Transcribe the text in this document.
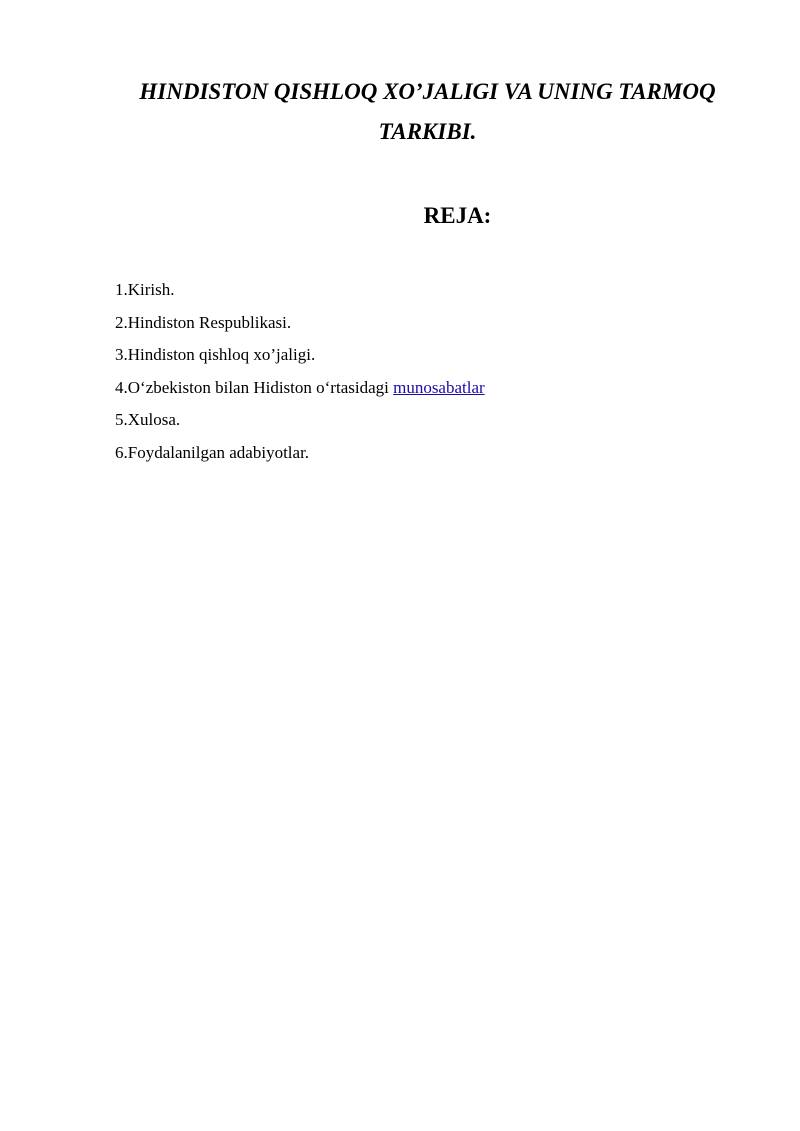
HINDISTON QISHLOQ XO’JALIGI VA UNING TARMOQ
TARKIBI.
REJA:
1.Kirish.
2.Hindiston Respublikasi.
3.Hindiston qishloq xo’jaligi.
4.O‘zbekiston bilan Hidiston o‘rtasidagi munosabatlar
5.Xulosa.
6.Foydalanilgan adabiyotlar.
